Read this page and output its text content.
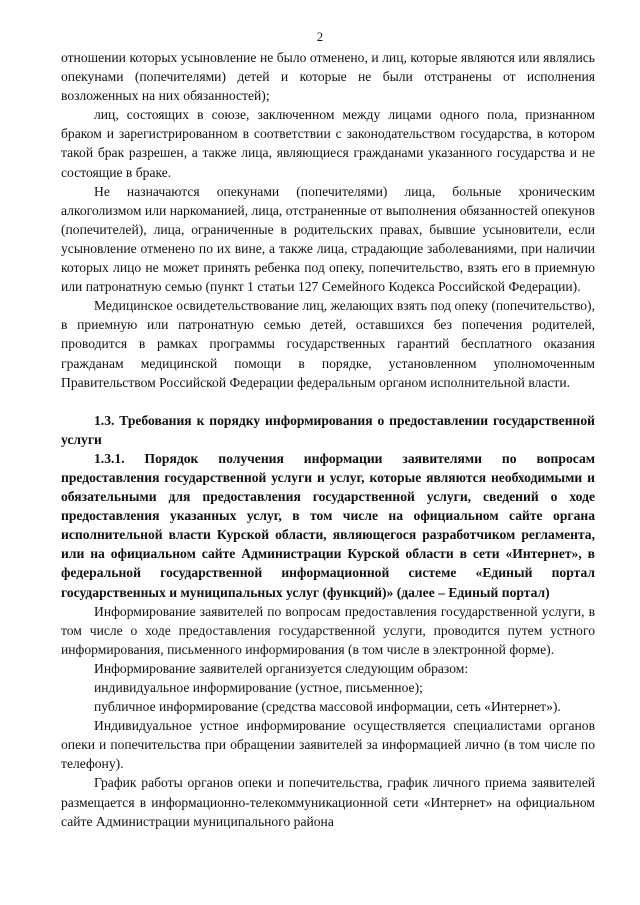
2

отношении которых усыновление не было отменено, и лиц, которые являются или являлись опекунами (попечителями) детей и которые не были отстранены от исполнения возложенных на них обязанностей);

лиц, состоящих в союзе, заключенном между лицами одного пола, признанном браком и зарегистрированном в соответствии с законодательством государства, в котором такой брак разрешен, а также лица, являющиеся гражданами указанного государства и не состоящие в браке.

Не назначаются опекунами (попечителями) лица, больные хроническим алкоголизмом или наркоманией, лица, отстраненные от выполнения обязанностей опекунов (попечителей), лица, ограниченные в родительских правах, бывшие усыновители, если усыновление отменено по их вине, а также лица, страдающие заболеваниями, при наличии которых лицо не может принять ребенка под опеку, попечительство, взять его в приемную или патронатную семью (пункт 1 статьи 127 Семейного Кодекса Российской Федерации).

Медицинское освидетельствование лиц, желающих взять под опеку (попечительство), в приемную или патронатную семью детей, оставшихся без попечения родителей, проводится в рамках программы государственных гарантий бесплатного оказания гражданам медицинской помощи в порядке, установленном уполномоченным Правительством Российской Федерации федеральным органом исполнительной власти.

1.3. Требования к порядку информирования о предоставлении государственной услуги

1.3.1. Порядок получения информации заявителями по вопросам предоставления государственной услуги и услуг, которые являются необходимыми и обязательными для предоставления государственной услуги, сведений о ходе предоставления указанных услуг, в том числе на официальном сайте органа исполнительной власти Курской области, являющегося разработчиком регламента, или на официальном сайте Администрации Курской области в сети «Интернет», в федеральной государственной информационной системе «Единый портал государственных и муниципальных услуг (функций)» (далее – Единый портал)

Информирование заявителей по вопросам предоставления государственной услуги, в том числе о ходе предоставления государственной услуги, проводится путем устного информирования, письменного информирования (в том числе в электронной форме).

Информирование заявителей организуется следующим образом:

индивидуальное информирование (устное, письменное);

публичное информирование (средства массовой информации, сеть «Интернет»).

Индивидуальное устное информирование осуществляется специалистами органов опеки и попечительства при обращении заявителей за информацией лично (в том числе по телефону).

График работы органов опеки и попечительства, график личного приема заявителей размещается в информационно-телекоммуникационной сети «Интернет» на официальном сайте Администрации муниципального района
